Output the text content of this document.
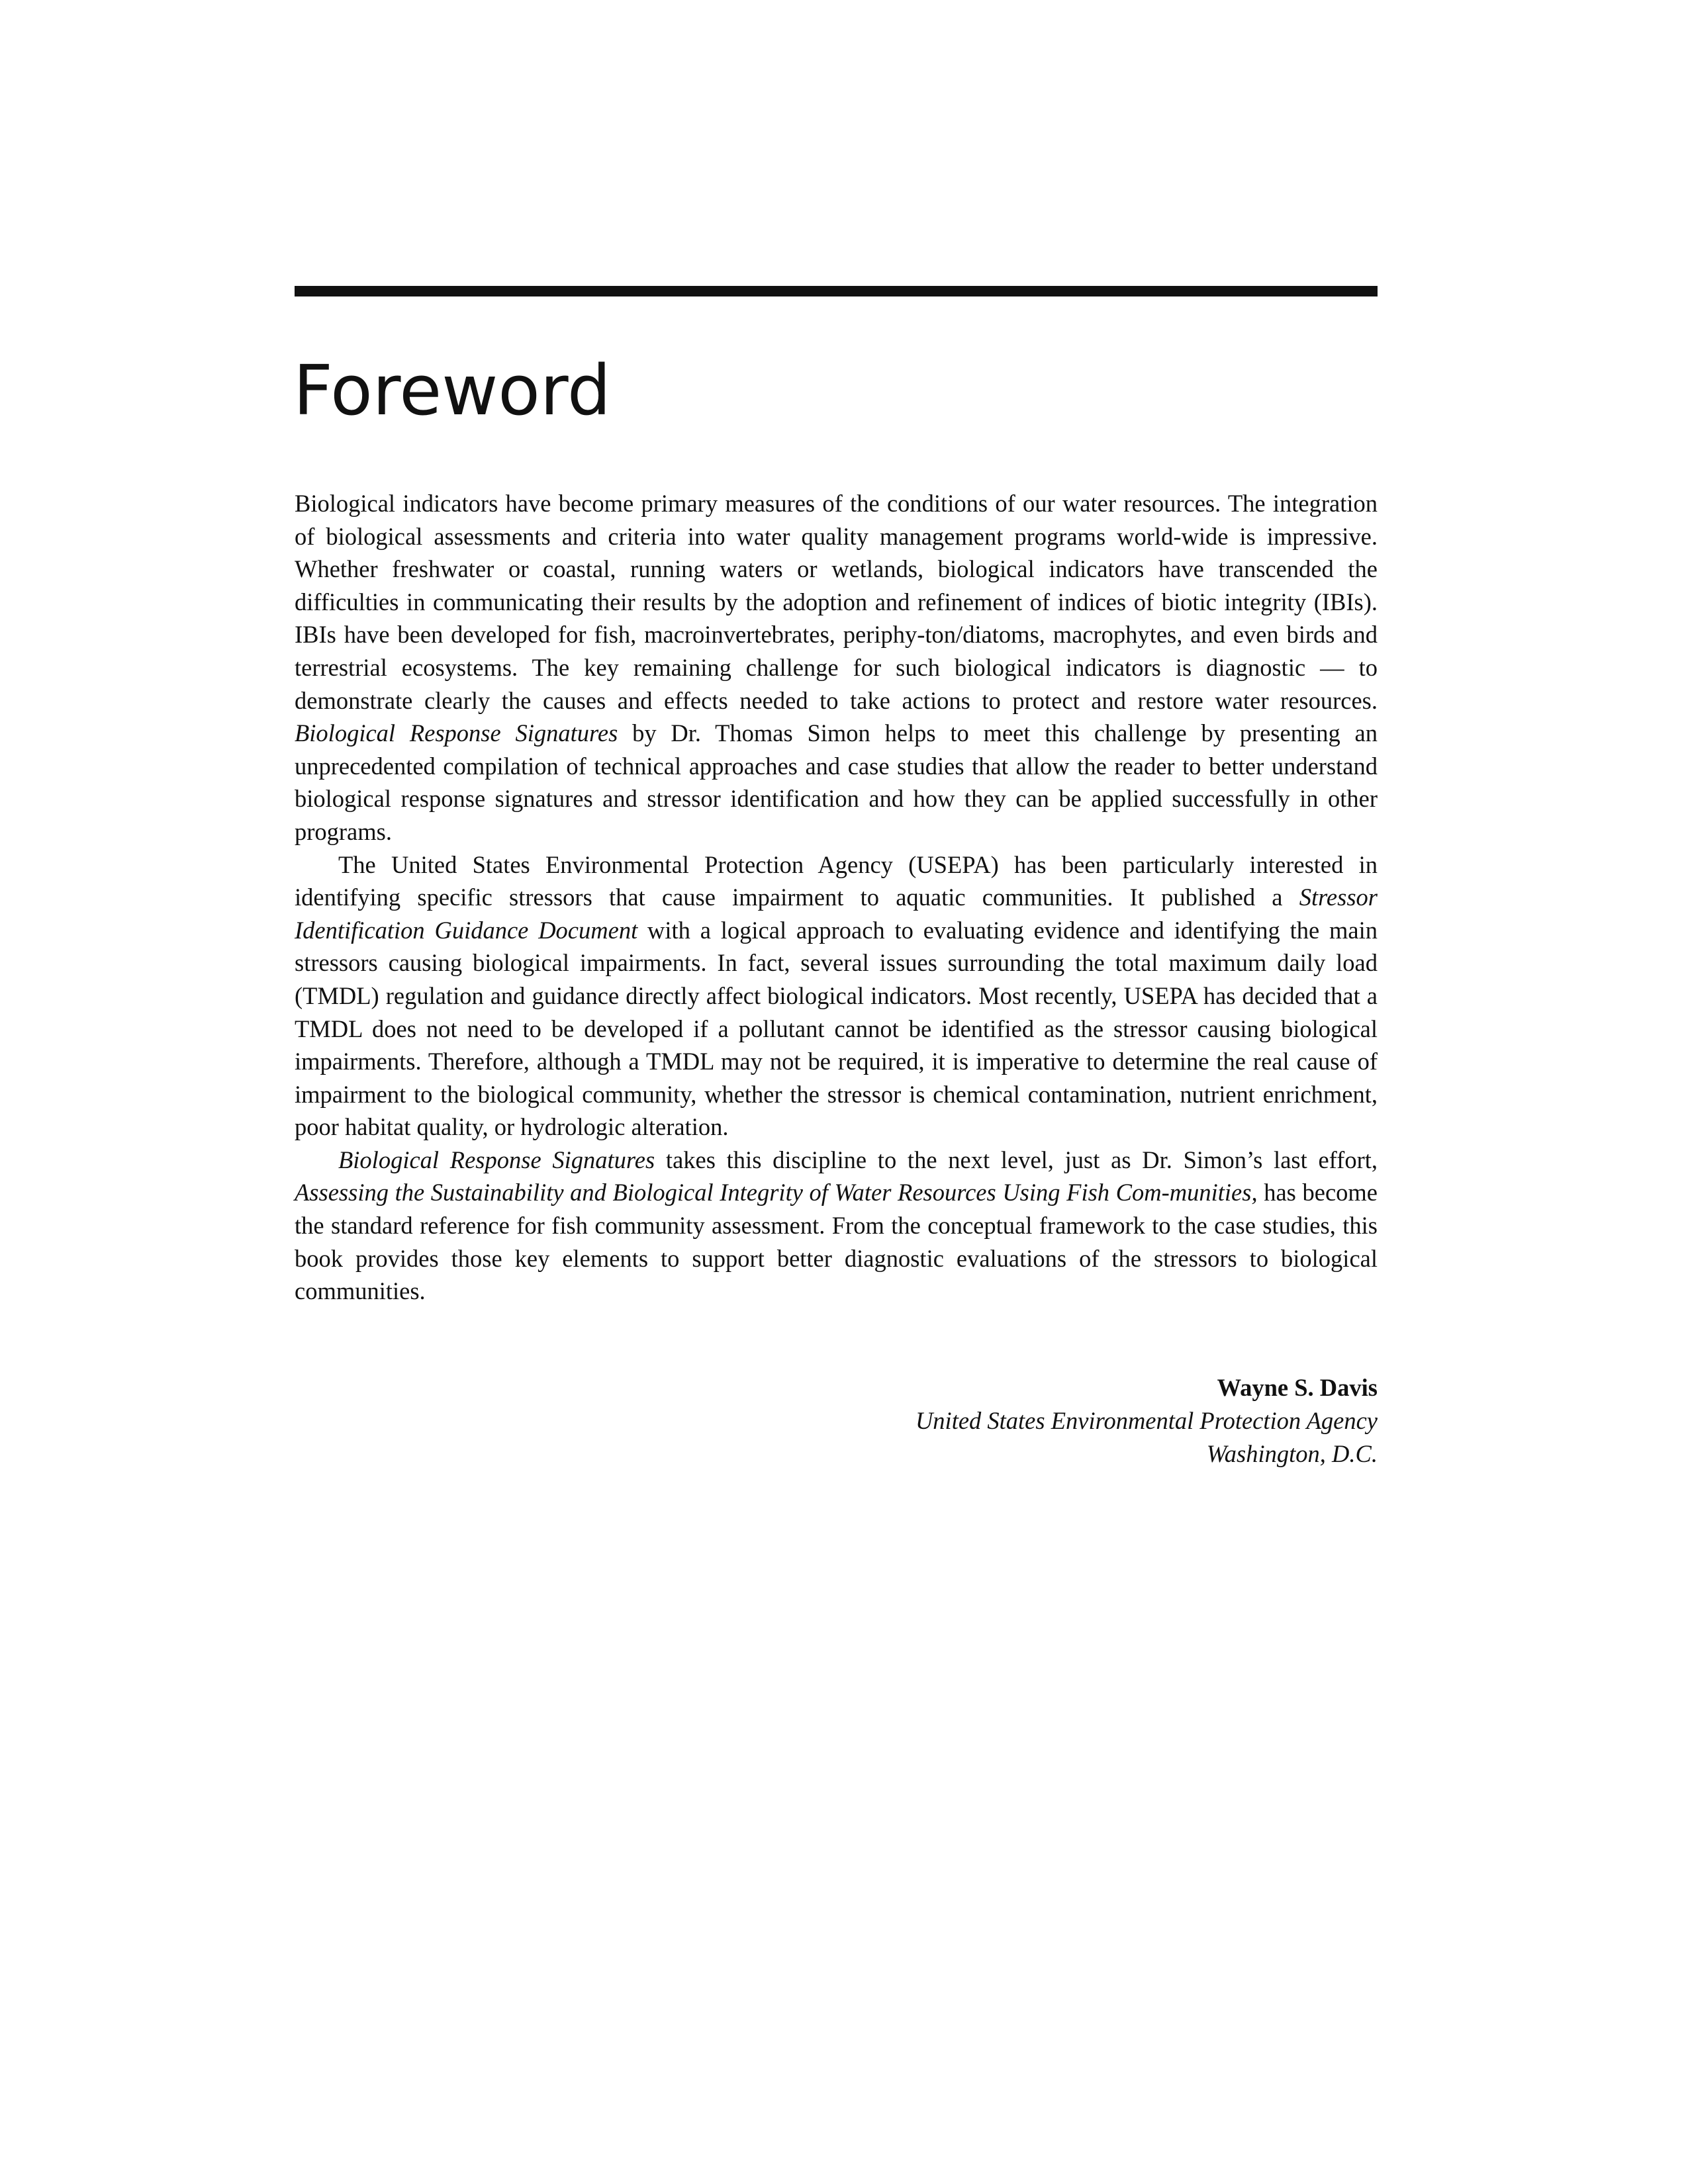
Foreword

Biological indicators have become primary measures of the conditions of our water resources. The integration of biological assessments and criteria into water quality management programs world-wide is impressive. Whether freshwater or coastal, running waters or wetlands, biological indicators have transcended the difficulties in communicating their results by the adoption and refinement of indices of biotic integrity (IBIs). IBIs have been developed for fish, macroinvertebrates, periphy-ton/diatoms, macrophytes, and even birds and terrestrial ecosystems. The key remaining challenge for such biological indicators is diagnostic — to demonstrate clearly the causes and effects needed to take actions to protect and restore water resources. Biological Response Signatures by Dr. Thomas Simon helps to meet this challenge by presenting an unprecedented compilation of technical approaches and case studies that allow the reader to better understand biological response signatures and stressor identification and how they can be applied successfully in other programs.

The United States Environmental Protection Agency (USEPA) has been particularly interested in identifying specific stressors that cause impairment to aquatic communities. It published a Stressor Identification Guidance Document with a logical approach to evaluating evidence and identifying the main stressors causing biological impairments. In fact, several issues surrounding the total maximum daily load (TMDL) regulation and guidance directly affect biological indicators. Most recently, USEPA has decided that a TMDL does not need to be developed if a pollutant cannot be identified as the stressor causing biological impairments. Therefore, although a TMDL may not be required, it is imperative to determine the real cause of impairment to the biological community, whether the stressor is chemical contamination, nutrient enrichment, poor habitat quality, or hydrologic alteration.

Biological Response Signatures takes this discipline to the next level, just as Dr. Simon’s last effort, Assessing the Sustainability and Biological Integrity of Water Resources Using Fish Com-munities, has become the standard reference for fish community assessment. From the conceptual framework to the case studies, this book provides those key elements to support better diagnostic evaluations of the stressors to biological communities.

Wayne S. Davis
United States Environmental Protection Agency
Washington, D.C.
